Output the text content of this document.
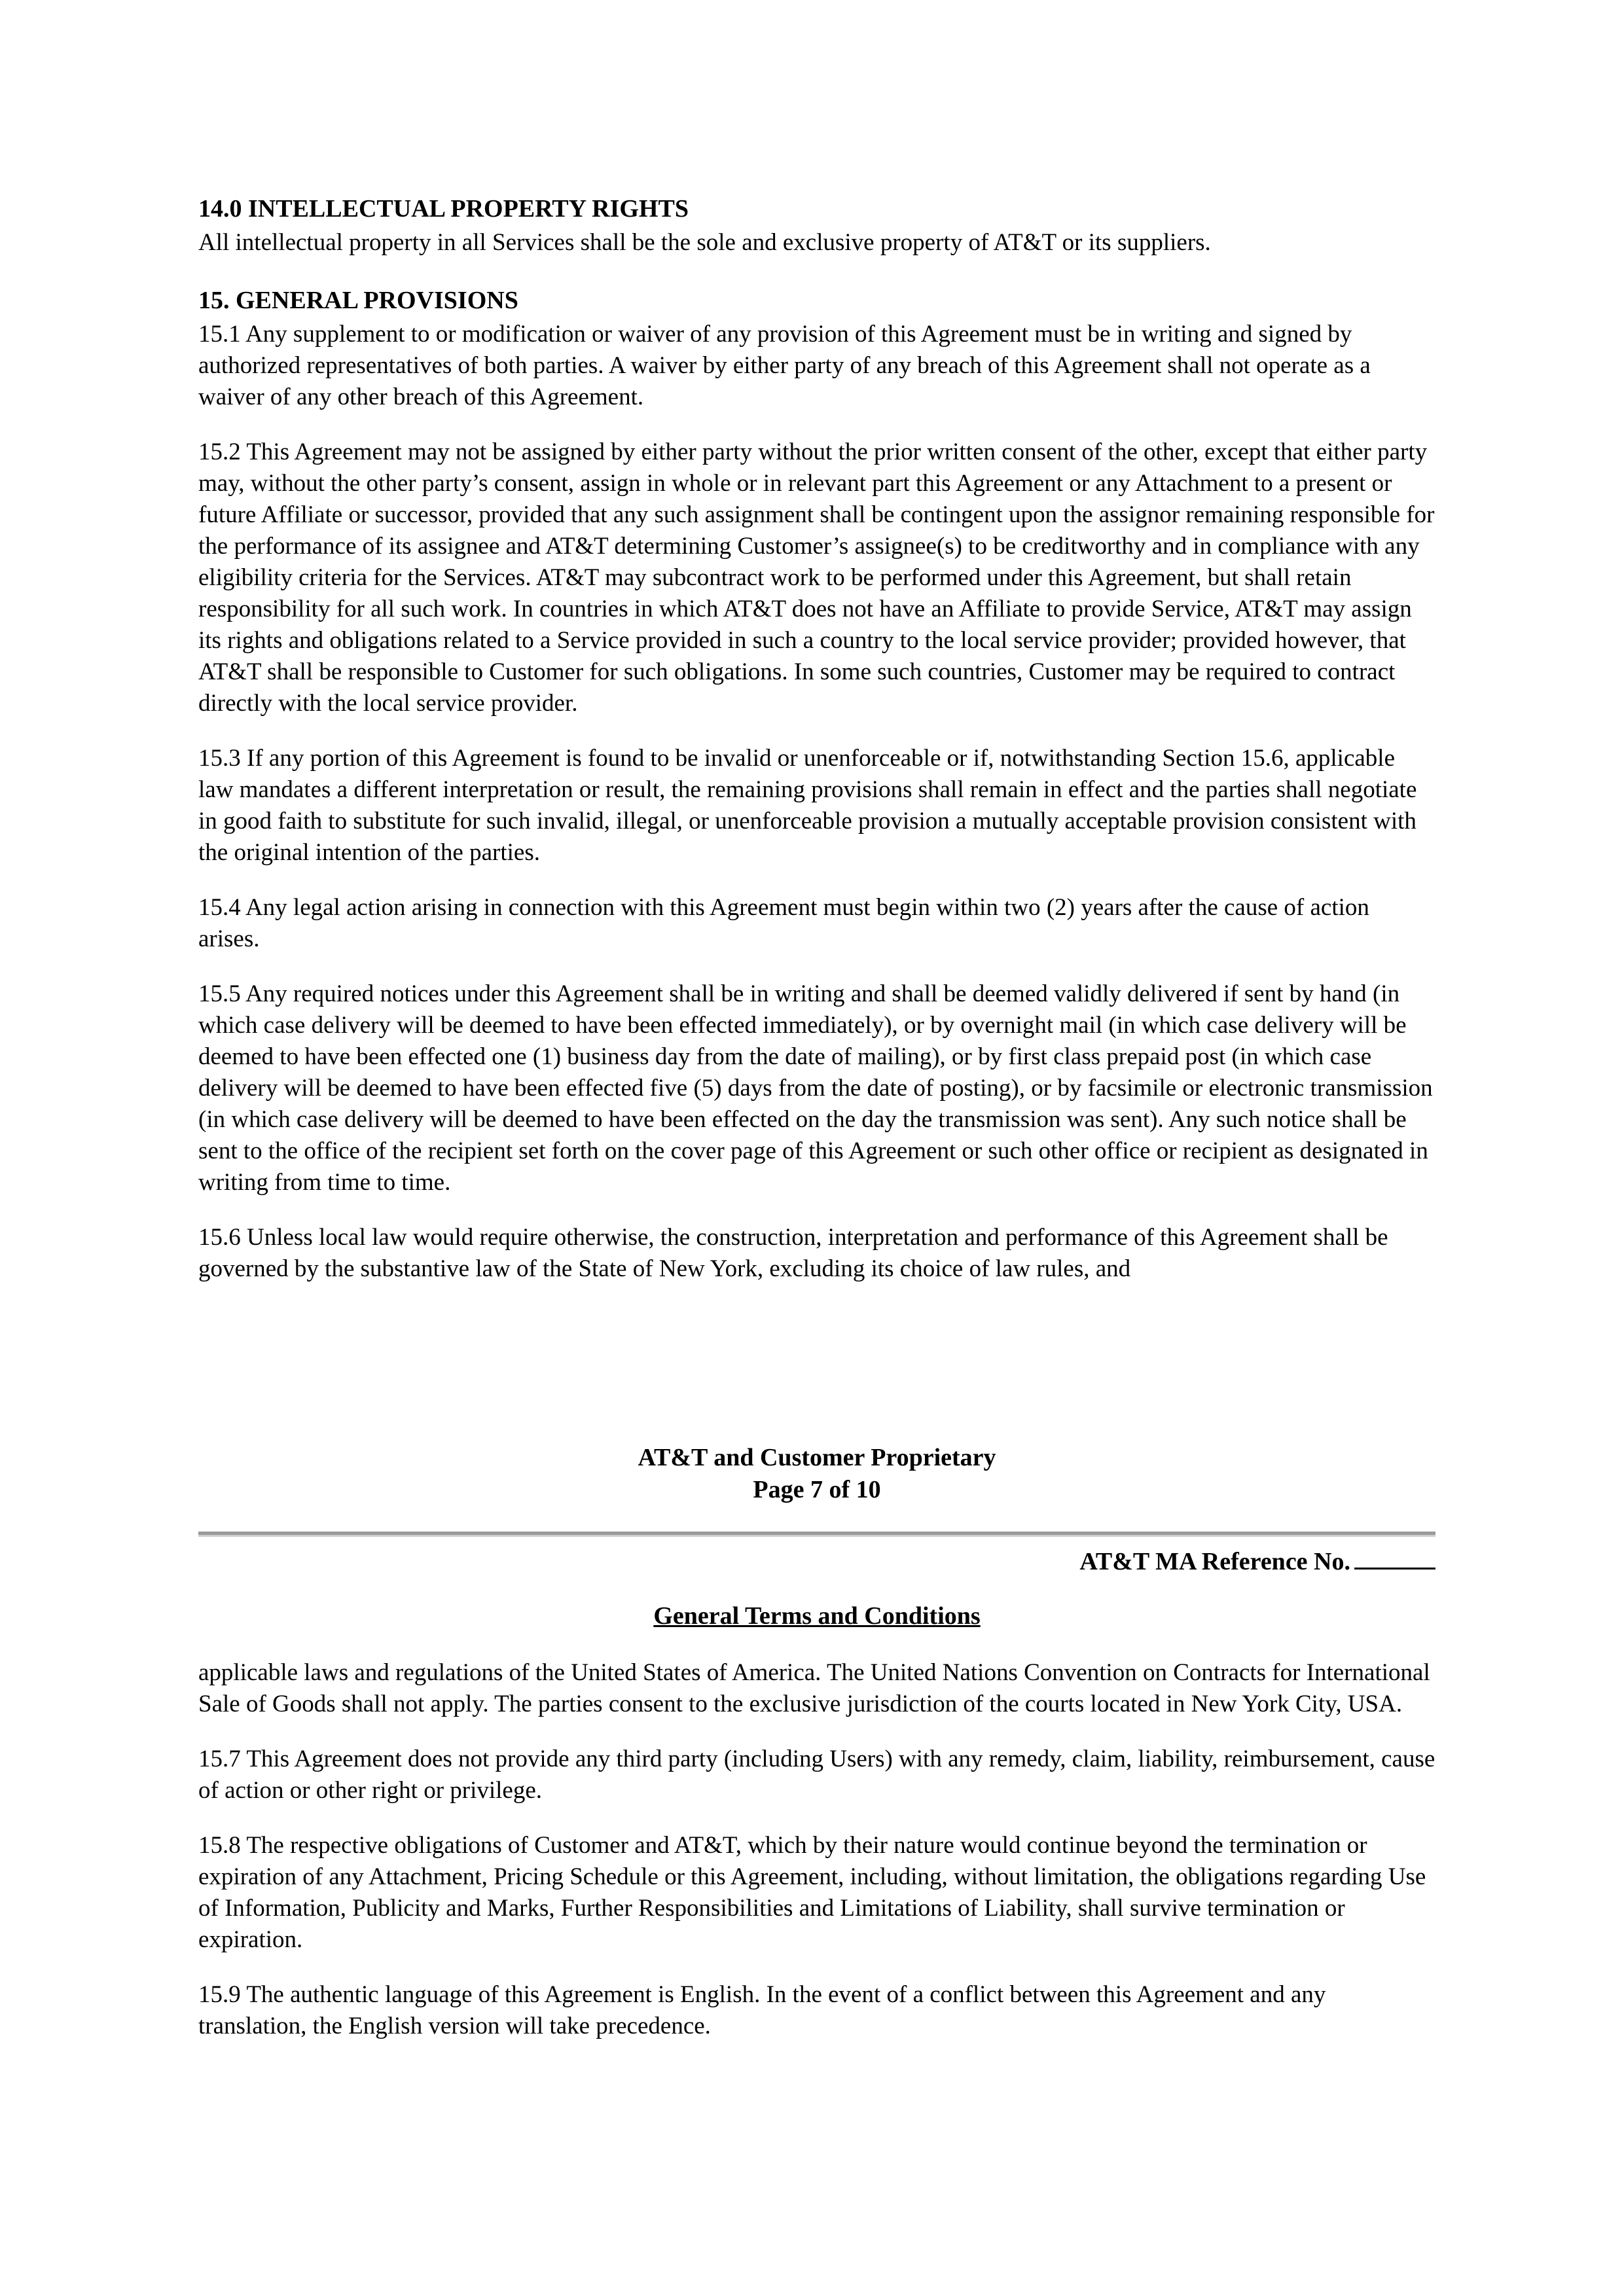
14.0 INTELLECTUAL PROPERTY RIGHTS

All intellectual property in all Services shall be the sole and exclusive property of AT&T or its suppliers.

15. GENERAL PROVISIONS

15.1 Any supplement to or modification or waiver of any provision of this Agreement must be in writing and signed by authorized representatives of both parties. A waiver by either party of any breach of this Agreement shall not operate as a waiver of any other breach of this Agreement.

15.2 This Agreement may not be assigned by either party without the prior written consent of the other, except that either party may, without the other party’s consent, assign in whole or in relevant part this Agreement or any Attachment to a present or future Affiliate or successor, provided that any such assignment shall be contingent upon the assignor remaining responsible for the performance of its assignee and AT&T determining Customer’s assignee(s) to be creditworthy and in compliance with any eligibility criteria for the Services. AT&T may subcontract work to be performed under this Agreement, but shall retain responsibility for all such work. In countries in which AT&T does not have an Affiliate to provide Service, AT&T may assign its rights and obligations related to a Service provided in such a country to the local service provider; provided however, that AT&T shall be responsible to Customer for such obligations. In some such countries, Customer may be required to contract directly with the local service provider.

15.3 If any portion of this Agreement is found to be invalid or unenforceable or if, notwithstanding Section 15.6, applicable law mandates a different interpretation or result, the remaining provisions shall remain in effect and the parties shall negotiate in good faith to substitute for such invalid, illegal, or unenforceable provision a mutually acceptable provision consistent with the original intention of the parties.

15.4 Any legal action arising in connection with this Agreement must begin within two (2) years after the cause of action arises.

15.5 Any required notices under this Agreement shall be in writing and shall be deemed validly delivered if sent by hand (in which case delivery will be deemed to have been effected immediately), or by overnight mail (in which case delivery will be deemed to have been effected one (1) business day from the date of mailing), or by first class prepaid post (in which case delivery will be deemed to have been effected five (5) days from the date of posting), or by facsimile or electronic transmission (in which case delivery will be deemed to have been effected on the day the transmission was sent). Any such notice shall be sent to the office of the recipient set forth on the cover page of this Agreement or such other office or recipient as designated in writing from time to time.

15.6 Unless local law would require otherwise, the construction, interpretation and performance of this Agreement shall be governed by the substantive law of the State of New York, excluding its choice of law rules, and

AT&T and Customer Proprietary
Page 7 of 10
AT&T MA Reference No.
General Terms and Conditions

applicable laws and regulations of the United States of America. The United Nations Convention on Contracts for International Sale of Goods shall not apply. The parties consent to the exclusive jurisdiction of the courts located in New York City, USA.

15.7 This Agreement does not provide any third party (including Users) with any remedy, claim, liability, reimbursement, cause of action or other right or privilege.

15.8 The respective obligations of Customer and AT&T, which by their nature would continue beyond the termination or expiration of any Attachment, Pricing Schedule or this Agreement, including, without limitation, the obligations regarding Use of Information, Publicity and Marks, Further Responsibilities and Limitations of Liability, shall survive termination or expiration.

15.9 The authentic language of this Agreement is English. In the event of a conflict between this Agreement and any translation, the English version will take precedence.
